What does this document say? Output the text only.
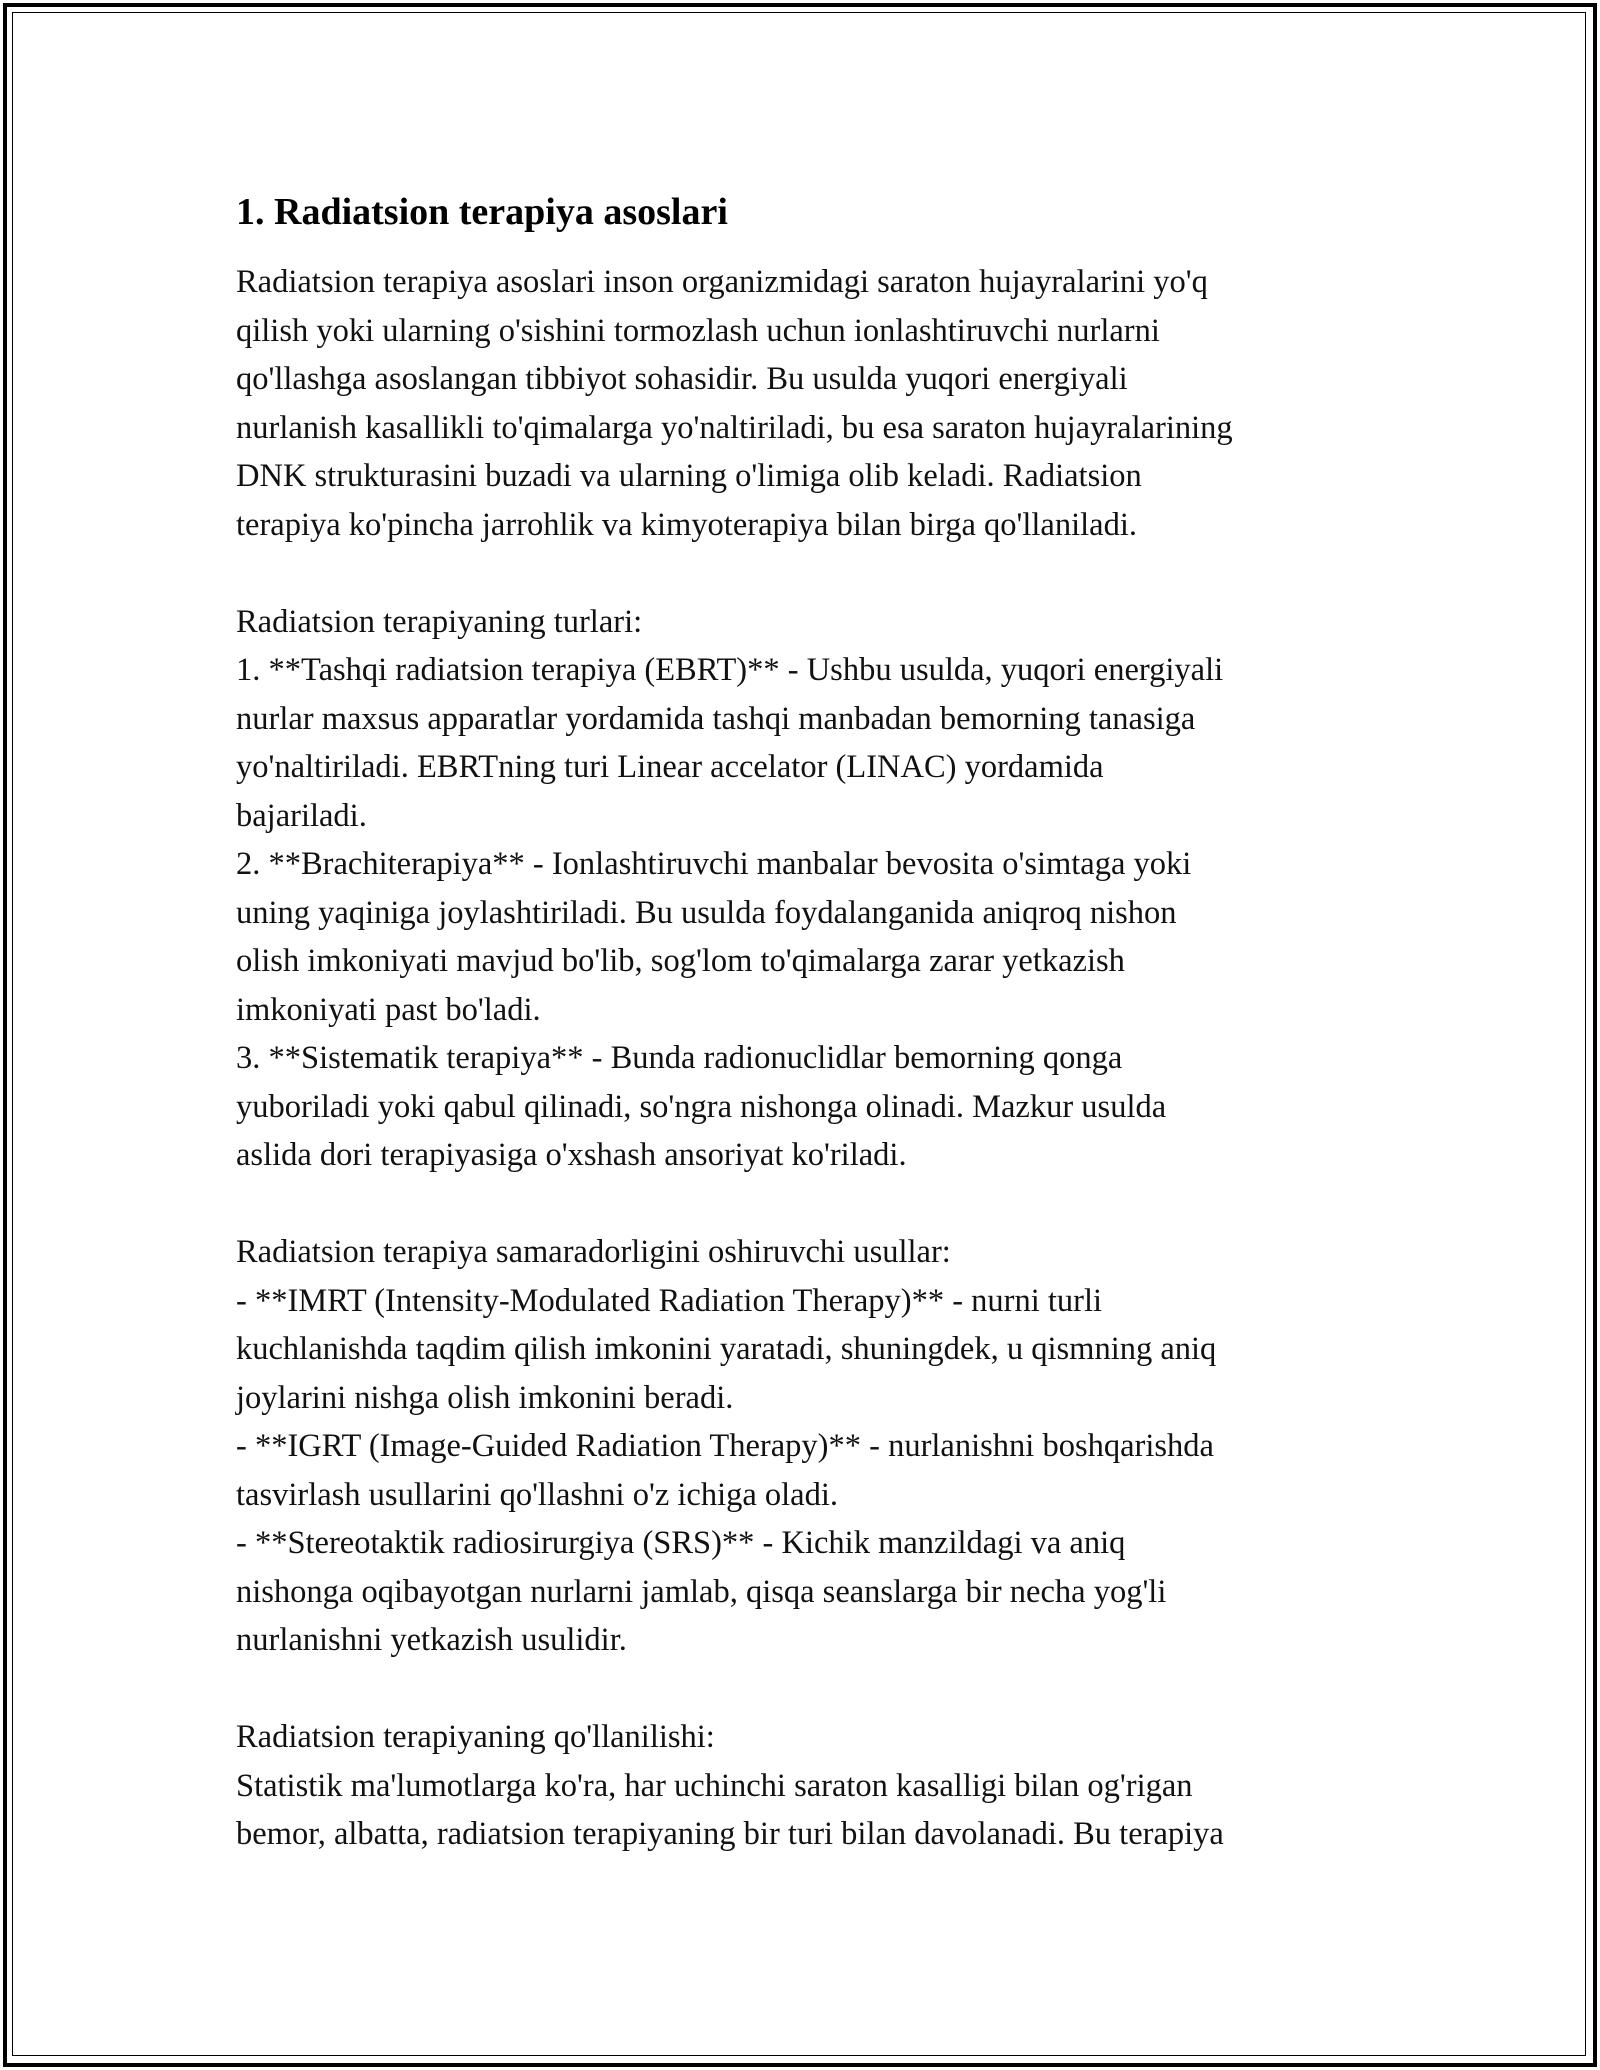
1. Radiatsion terapiya asoslari
Radiatsion terapiya asoslari inson organizmidagi saraton hujayralarini yo'q
qilish yoki ularning o'sishini tormozlash uchun ionlashtiruvchi nurlarni
qo'llashga asoslangan tibbiyot sohasidir. Bu usulda yuqori energiyali
nurlanish kasallikli to'qimalarga yo'naltiriladi, bu esa saraton hujayralarining
DNK strukturasini buzadi va ularning o'limiga olib keladi. Radiatsion
terapiya ko'pincha jarrohlik va kimyoterapiya bilan birga qo'llaniladi.
Radiatsion terapiyaning turlari:
1. **Tashqi radiatsion terapiya (EBRT)** - Ushbu usulda, yuqori energiyali
nurlar maxsus apparatlar yordamida tashqi manbadan bemorning tanasiga
yo'naltiriladi. EBRTning turi Linear accelator (LINAC) yordamida
bajariladi.
2. **Brachiterapiya** - Ionlashtiruvchi manbalar bevosita o'simtaga yoki
uning yaqiniga joylashtiriladi. Bu usulda foydalanganida aniqroq nishon
olish imkoniyati mavjud bo'lib, sog'lom to'qimalarga zarar yetkazish
imkoniyati past bo'ladi.
3. **Sistematik terapiya** - Bunda radionuclidlar bemorning qonga
yuboriladi yoki qabul qilinadi, so'ngra nishonga olinadi. Mazkur usulda
aslida dori terapiyasiga o'xshash ansoriyat ko'riladi.
Radiatsion terapiya samaradorligini oshiruvchi usullar:
- **IMRT (Intensity-Modulated Radiation Therapy)** - nurni turli
kuchlanishda taqdim qilish imkonini yaratadi, shuningdek, u qismning aniq
joylarini nishga olish imkonini beradi.
- **IGRT (Image-Guided Radiation Therapy)** - nurlanishni boshqarishda
tasvirlash usullarini qo'llashni o'z ichiga oladi.
- **Stereotaktik radiosirurgiya (SRS)** - Kichik manzildagi va aniq
nishonga oqibayotgan nurlarni jamlab, qisqa seanslarga bir necha yog'li
nurlanishni yetkazish usulidir.
Radiatsion terapiyaning qo'llanilishi:
Statistik ma'lumotlarga ko'ra, har uchinchi saraton kasalligi bilan og'rigan
bemor, albatta, radiatsion terapiyaning bir turi bilan davolanadi. Bu terapiya
